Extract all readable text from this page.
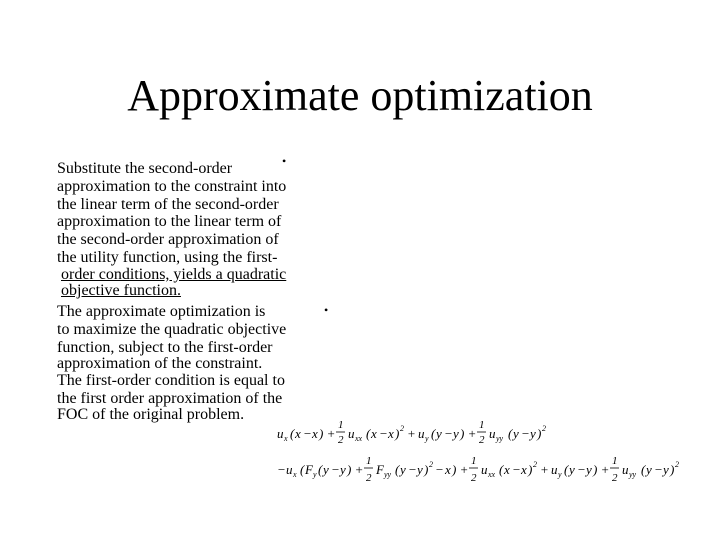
Approximate optimization
•
Substitute the second-order
approximation to the constraint into
the linear term of the second-order
approximation to the linear term of
the second-order approximation of
the utility function, using the first-
order conditions, yields a quadratic
objective function.
•
The approximate optimization is
to maximize the quadratic objective
function, subject to the first-order
approximation of the constraint.
The first-order condition is equal to
the first order approximation of the
FOC of the original problem.
u x ( x − x ) +
1
2 u xx ( x − x ) 2 + u y ( y − y ) +
1
2 u yy ( y − y ) 2
− u x ( F y ( y − y ) +
1
2
F yy ( y − y ) 2 − x ) +
1
2
u xx ( x − x ) 2 + u y ( y − y ) +
1
2
u yy ( y − y ) 2
